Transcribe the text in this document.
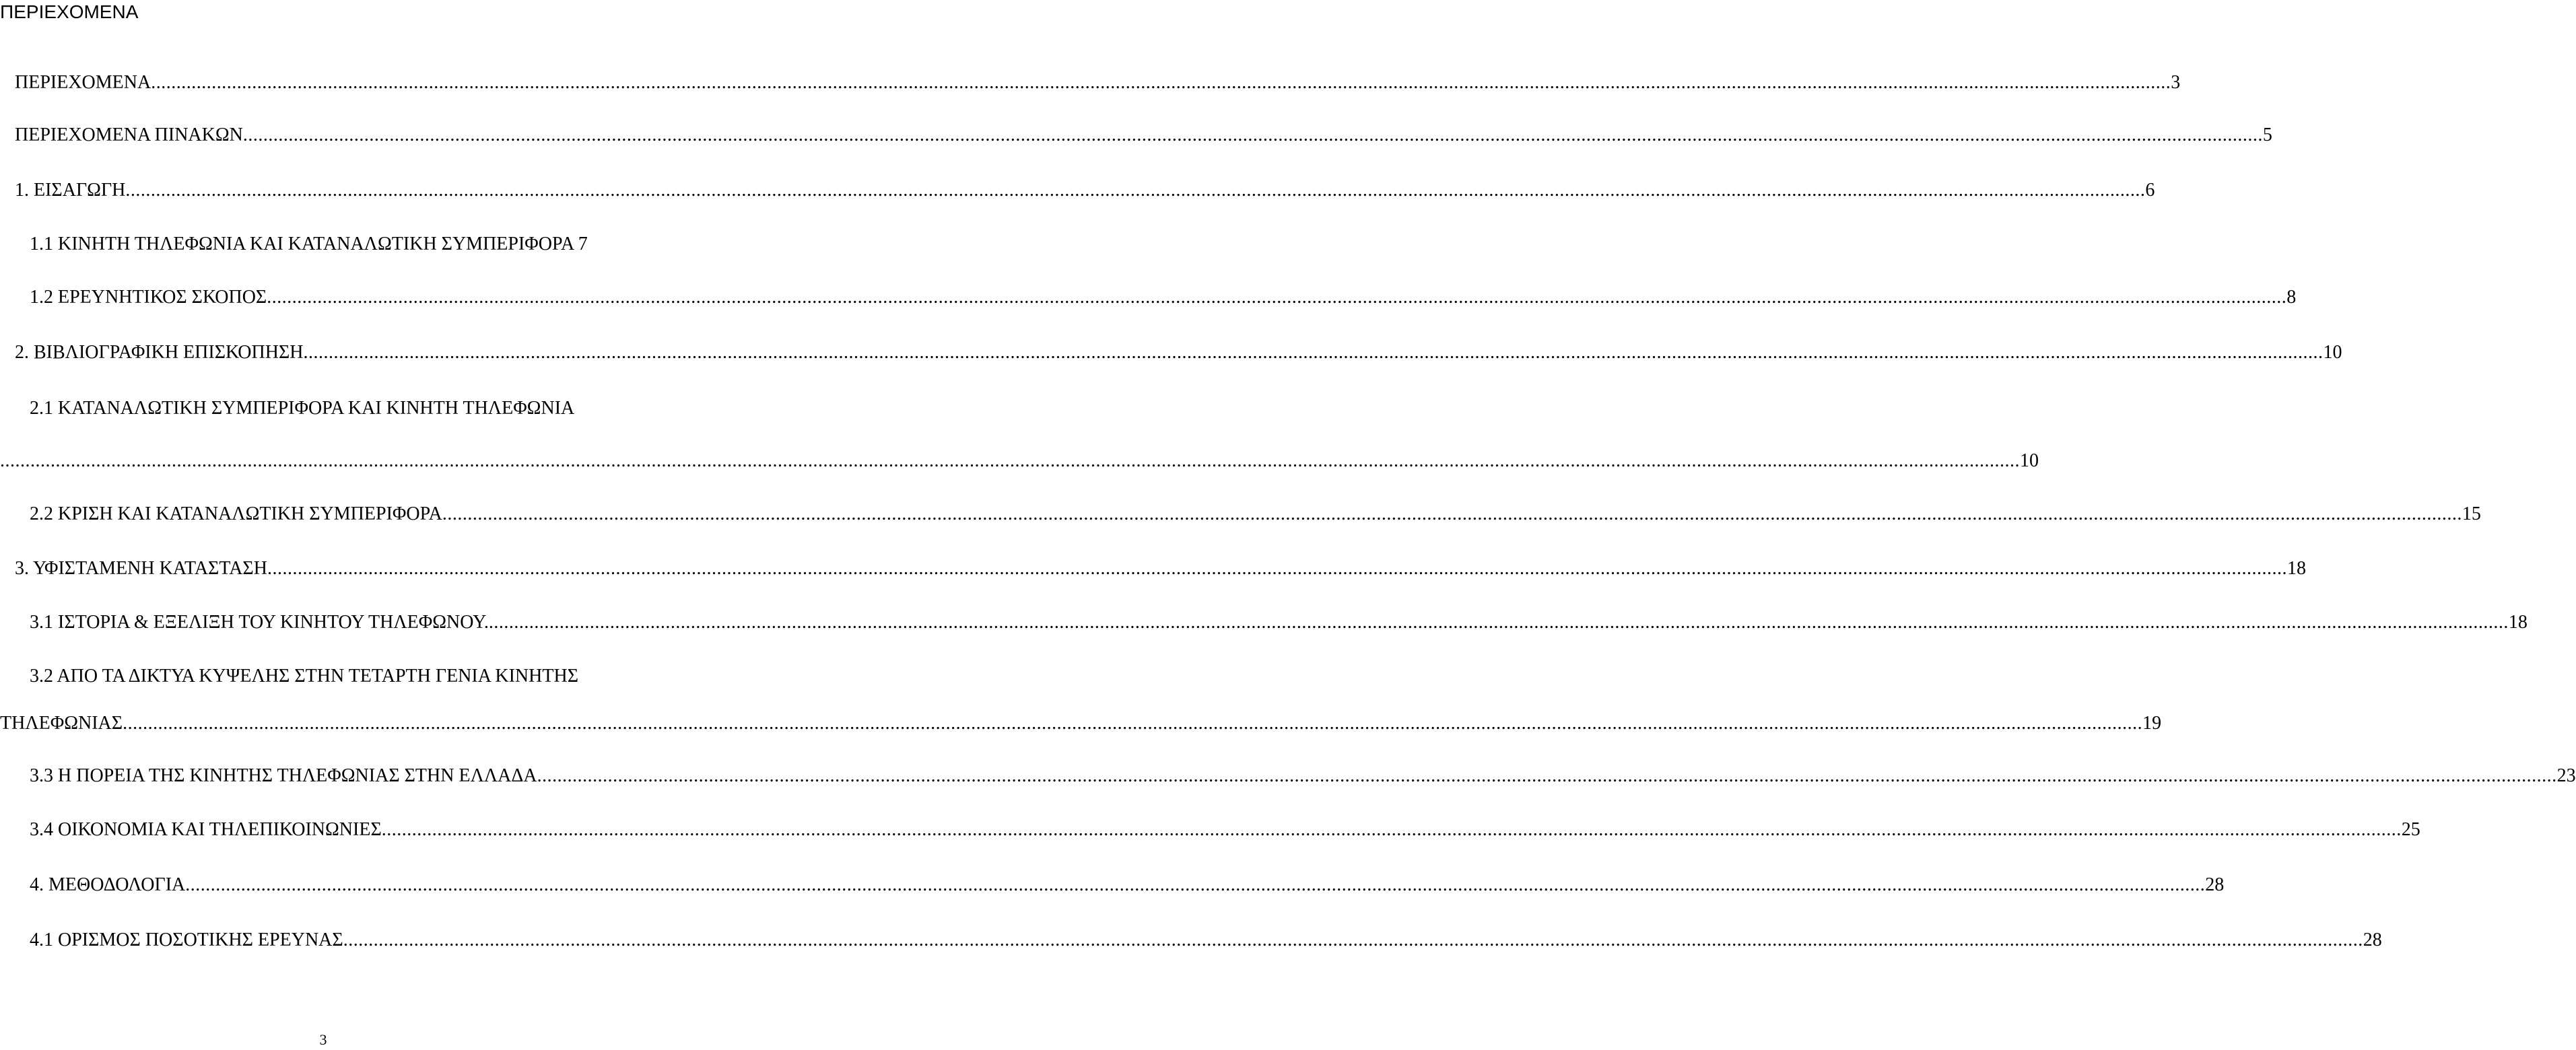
ΠΕΡΙΕΧΟΜΕΝΑ
ΠΕΡΙΕΧΟΜΕΝΑ ................................................................................................................................................................................................................................................................................................................................................................................................................ 3
ΠΕΡΙΕΧΟΜΕΝΑ ΠΙΝΑΚΩΝ ................................................................................................................................................................................................................................................................................................................................................................................................................ 5
1. ΕΙΣΑΓΩΓΗ ................................................................................................................................................................................................................................................................................................................................................................................................................ 6
1.1 ΚΙΝΗΤΗ ΤΗΛΕΦΩΝΙΑ ΚΑΙ ΚΑΤΑΝΑΛΩΤΙΚΗ ΣΥΜΠΕΡΙΦΟΡΑ 7
1.2 ΕΡΕΥΝΗΤΙΚΟΣ ΣΚΟΠΟΣ ................................................................................................................................................................................................................................................................................................................................................................................................................ 8
2. ΒΙΒΛΙΟΓΡΑΦΙΚΗ ΕΠΙΣΚΟΠΗΣΗ ................................................................................................................................................................................................................................................................................................................................................................................................................ 10
2.1 ΚΑΤΑΝΑΛΩΤΙΚΗ ΣΥΜΠΕΡΙΦΟΡΑ ΚΑΙ ΚΙΝΗΤΗ ΤΗΛΕΦΩΝΙΑ
................................................................................................................................................................................................................................................................................................................................................................................................................ 10
2.2 ΚΡΙΣΗ ΚΑΙ ΚΑΤΑΝΑΛΩΤΙΚΗ ΣΥΜΠΕΡΙΦΟΡΑ ................................................................................................................................................................................................................................................................................................................................................................................................................ 15
3. ΥΦΙΣΤΑΜΕΝΗ ΚΑΤΑΣΤΑΣΗ ................................................................................................................................................................................................................................................................................................................................................................................................................ 18
3.1 ΙΣΤΟΡΙΑ & ΕΞΕΛΙΞΗ ΤΟΥ ΚΙΝΗΤΟΥ ΤΗΛΕΦΩΝΟΥ. ................................................................................................................................................................................................................................................................................................................................................................................................................ 18
3.2 ΑΠΟ ΤΑ ΔΙΚΤΥΑ ΚΥΨΕΛΗΣ ΣΤΗΝ ΤΕΤΑΡΤΗ ΓΕΝΙΑ ΚΙΝΗΤΗΣ
ΤΗΛΕΦΩΝΙΑΣ ................................................................................................................................................................................................................................................................................................................................................................................................................ 19
3.3 Η ΠΟΡΕΙΑ ΤΗΣ ΚΙΝΗΤΗΣ ΤΗΛΕΦΩΝΙΑΣ ΣΤΗΝ ΕΛΛΑΔΑ ................................................................................................................................................................................................................................................................................................................................................................................................................ 23
3.4 ΟΙΚΟΝΟΜΙΑ ΚΑΙ ΤΗΛΕΠΙΚΟΙΝΩΝΙΕΣ ................................................................................................................................................................................................................................................................................................................................................................................................................ 25
4. ΜΕΘΟΔΟΛΟΓΙΑ ................................................................................................................................................................................................................................................................................................................................................................................................................ 28
4.1 ΟΡΙΣΜΟΣ ΠΟΣΟΤΙΚΗΣ ΕΡΕΥΝΑΣ ................................................................................................................................................................................................................................................................................................................................................................................................................ 28
3
